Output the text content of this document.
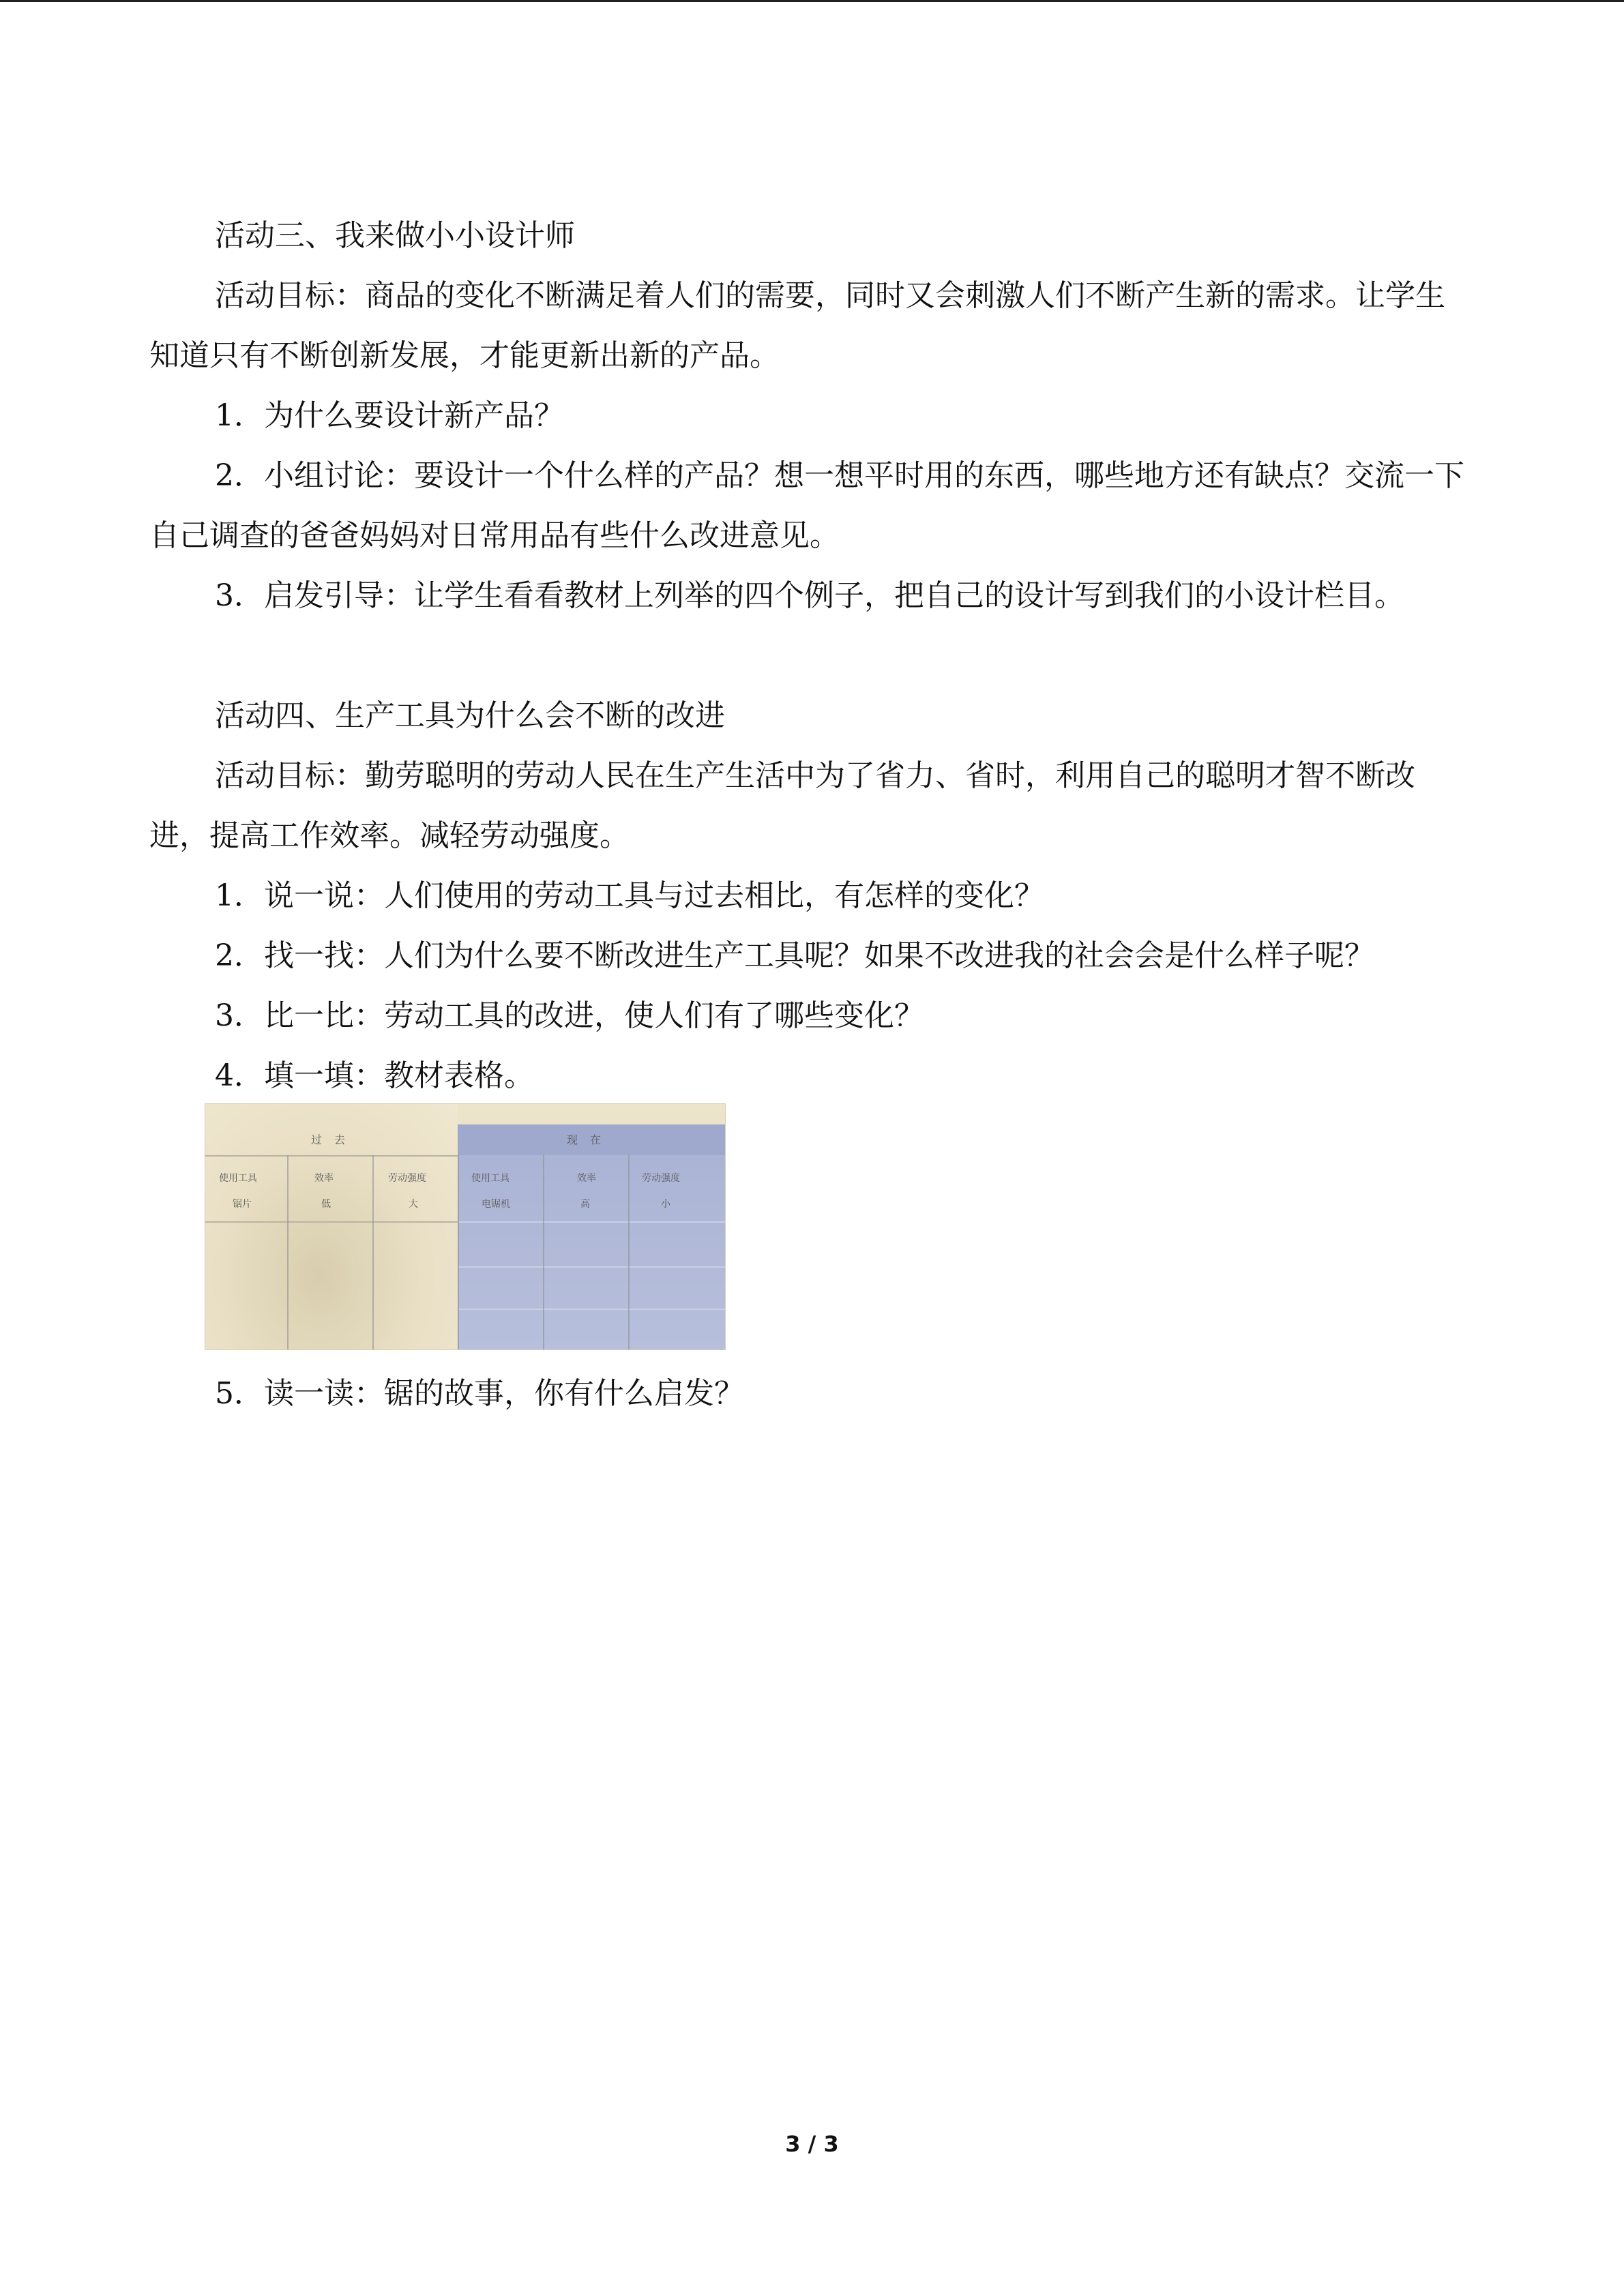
活动三、我来做小小设计师
活动目标：商品的变化不断满足着人们的需要，同时又会刺激人们不断产生新的需求。让学生知道只有不断创新发展，才能更新出新的产品。
1．为什么要设计新产品？
2．小组讨论：要设计一个什么样的产品？想一想平时用的东西，哪些地方还有缺点？交流一下自己调查的爸爸妈妈对日常用品有些什么改进意见。
3．启发引导：让学生看看教材上列举的四个例子，把自己的设计写到我们的小设计栏目。
活动四、生产工具为什么会不断的改进
活动目标：勤劳聪明的劳动人民在生产生活中为了省力、省时，利用自己的聪明才智不断改进，提高工作效率。减轻劳动强度。
1．说一说：人们使用的劳动工具与过去相比，有怎样的变化？
2．找一找：人们为什么要不断改进生产工具呢？如果不改进我的社会会是什么样子呢？
3．比一比：劳动工具的改进，使人们有了哪些变化？
4．填一填：教材表格。
过去	现在
使用工具	效率	劳动强度	使用工具	效率	劳动强度
锯片	低	大	电锯机	高	小
5．读一读：锯的故事，你有什么启发？
3 / 3
